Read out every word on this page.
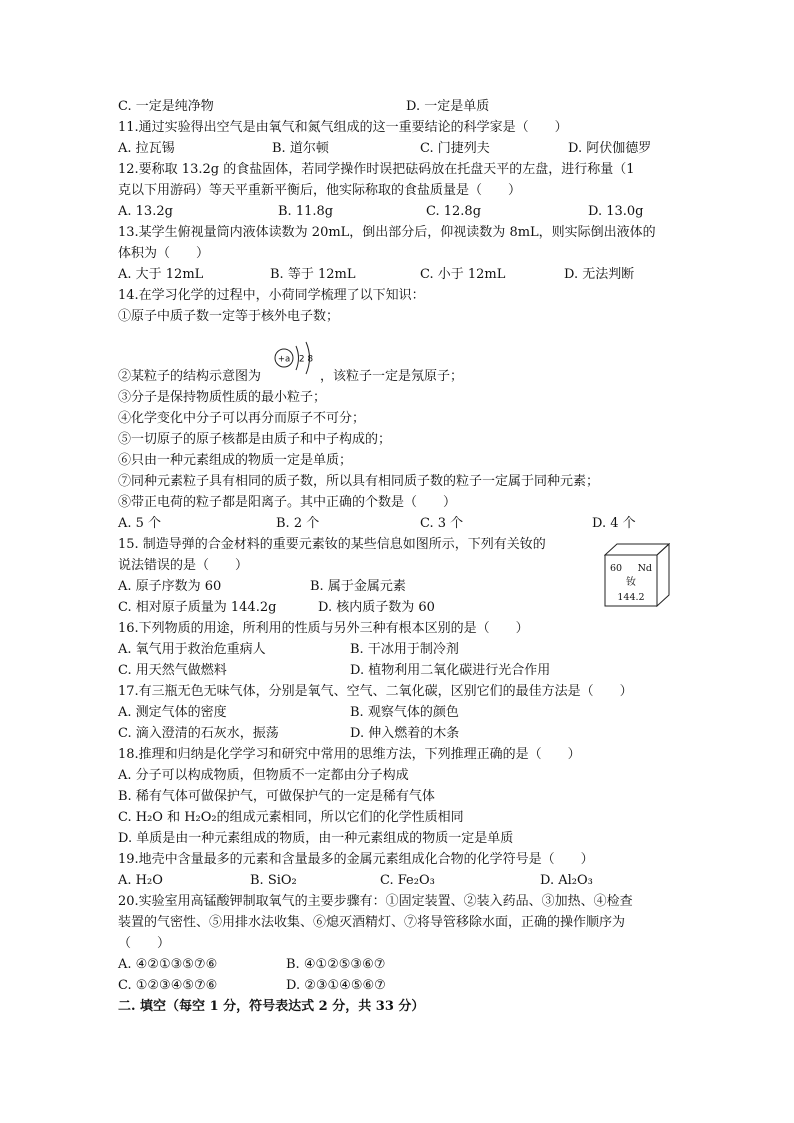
C. 一定是纯净物	D. 一定是单质
11.通过实验得出空气是由氧气和氮气组成的这一重要结论的科学家是（　　）
A. 拉瓦锡	B. 道尔顿	C. 门捷列夫	D. 阿伏伽德罗
12.要称取 13.2g 的食盐固体，若同学操作时误把砝码放在托盘天平的左盘，进行称量（1
克以下用游码）等天平重新平衡后，他实际称取的食盐质量是（　　）
A. 13.2g	B. 11.8g	C. 12.8g	D. 13.0g
13.某学生俯视量筒内液体读数为 20mL，倒出部分后，仰视读数为 8mL，则实际倒出液体的
体积为（　　）
A. 大于 12mL	B. 等于 12mL	C. 小于 12mL	D. 无法判断
14.在学习化学的过程中，小荷同学梳理了以下知识：
①原子中质子数一定等于核外电子数；
+a 2 8
②某粒子的结构示意图为	，该粒子一定是氖原子；
③分子是保持物质性质的最小粒子；
④化学变化中分子可以再分而原子不可分；
⑤一切原子的原子核都是由质子和中子构成的；
⑥只由一种元素组成的物质一定是单质；
⑦同种元素粒子具有相同的质子数，所以具有相同质子数的粒子一定属于同种元素；
⑧带正电荷的粒子都是阳离子。其中正确的个数是（　　）
A. 5 个	B. 2 个	C. 3 个	D. 4 个
15. 制造导弹的合金材料的重要元素钕的某些信息如图所示，下列有关钕的
说法错误的是（　　）
A. 原子序数为 60	B. 属于金属元素
C. 相对原子质量为 144.2g	D. 核内质子数为 60
60 Nd
钕
144.2
16.下列物质的用途，所利用的性质与另外三种有根本区别的是（　　）
A. 氧气用于救治危重病人	B. 干冰用于制冷剂
C. 用天然气做燃料	D. 植物利用二氧化碳进行光合作用
17.有三瓶无色无味气体，分别是氧气、空气、二氧化碳，区别它们的最佳方法是（　　）
A. 测定气体的密度	B. 观察气体的颜色
C. 滴入澄清的石灰水，振荡	D. 伸入燃着的木条
18.推理和归纳是化学学习和研究中常用的思维方法，下列推理正确的是（　　）
A. 分子可以构成物质，但物质不一定都由分子构成
B. 稀有气体可做保护气，可做保护气的一定是稀有气体
C. H₂O 和 H₂O₂的组成元素相同，所以它们的化学性质相同
D. 单质是由一种元素组成的物质，由一种元素组成的物质一定是单质
19.地壳中含量最多的元素和含量最多的金属元素组成化合物的化学符号是（　　）
A. H₂O	B. SiO₂	C. Fe₂O₃	D. Al₂O₃
20.实验室用高锰酸钾制取氧气的主要步骤有：①固定装置、②装入药品、③加热、④检查
装置的气密性、⑤用排水法收集、⑥熄灭酒精灯、⑦将导管移除水面，正确的操作顺序为
（　　）
A. ④②①③⑤⑦⑥	B. ④①②⑤③⑥⑦
C. ①②③④⑤⑦⑥	D. ②③①④⑤⑥⑦
二. 填空（每空 1 分，符号表达式 2 分，共 33 分）
